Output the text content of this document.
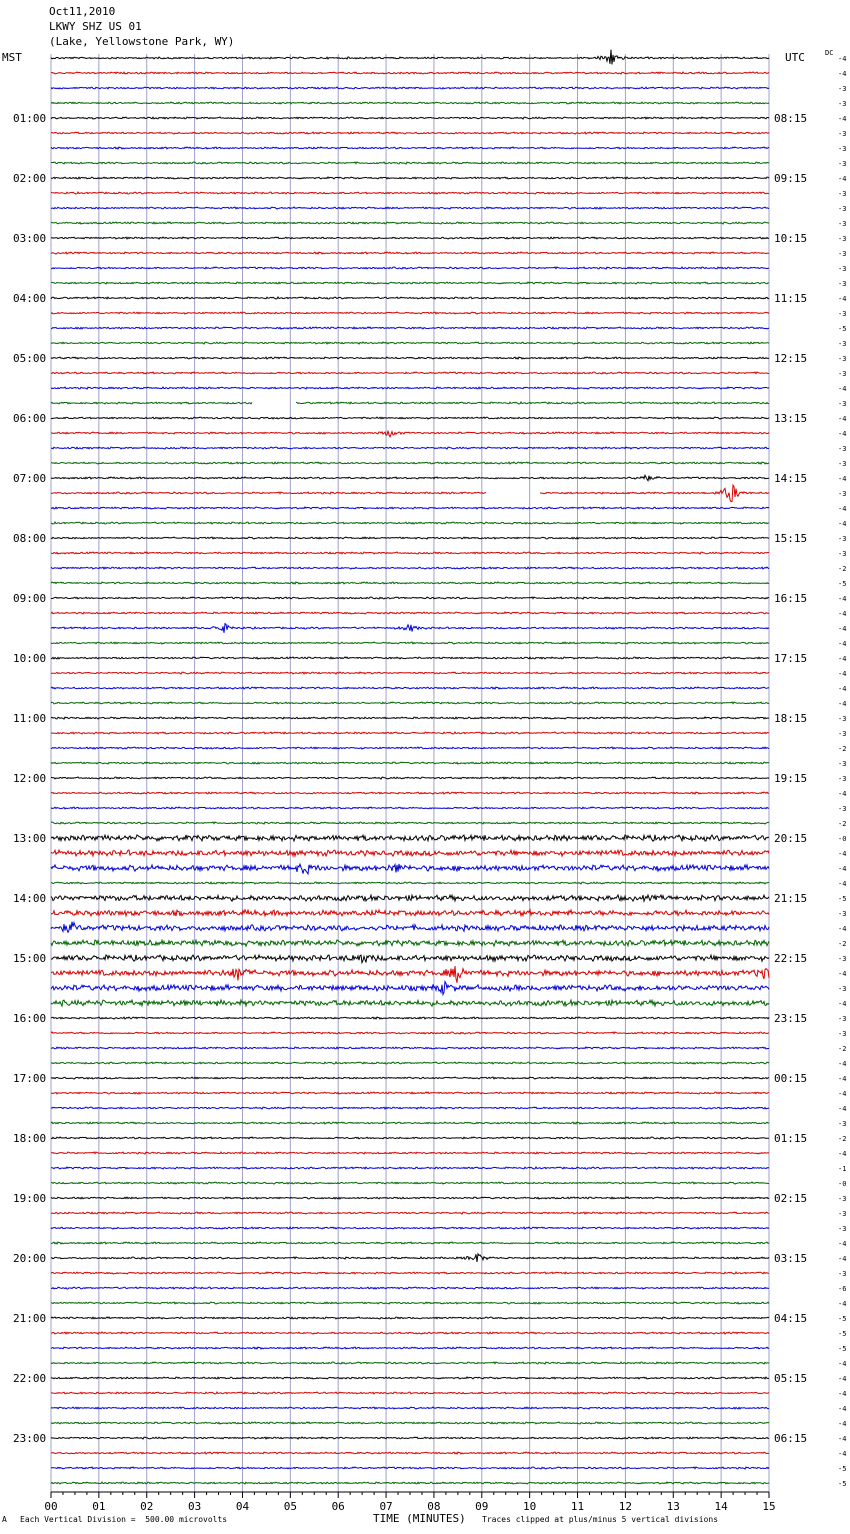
Oct11,2010
LKWY SHZ US 01
(Lake, Yellowstone Park, WY)
MST	UTC	DC
00	01	02	03	04	05	06	07	08	09	10	11	12	13	14	15
-4
-4
-3
-3
-4
-3
-3
-3
-4
-3
-3
-3
-3
-3
-3
-3
-4
-3
-5
-3
-3
-3
-4
-3
-4
-4
-3
-3
-4
-3
-4
-4
-3
-3
-2
-5
-4
-4
-4
-4
-4
-4
-4
-4
-3
-3
-2
-3
-3
-4
-3
-2
-0
-4
-4
-4
-5
-3
-4
-2
-3
-4
-3
-4
-3
-3
-2
-4
-4
-4
-4
-3
-2
-4
-1
-0
-3
-3
-3
-4
-4
-3
-6
-4
-5
-5
-5
-4
-4
-4
-4
-4
-4
-4
-5
-5
01:00
02:00
03:00
04:00
05:00
06:00
07:00
08:00
09:00
10:00
11:00
12:00
13:00
14:00
15:00
16:00
17:00
18:00
19:00
20:00
21:00
22:00
23:00
08:15
09:15
10:15
11:15
12:15
13:15
14:15
15:15
16:15
17:15
18:15
19:15
20:15
21:15
22:15
23:15
00:15
01:15
02:15
03:15
04:15
05:15
06:15
A Each Vertical Division =  500.00 microvolts	TIME (MINUTES) Traces clipped at plus/minus 5 vertical divisions
